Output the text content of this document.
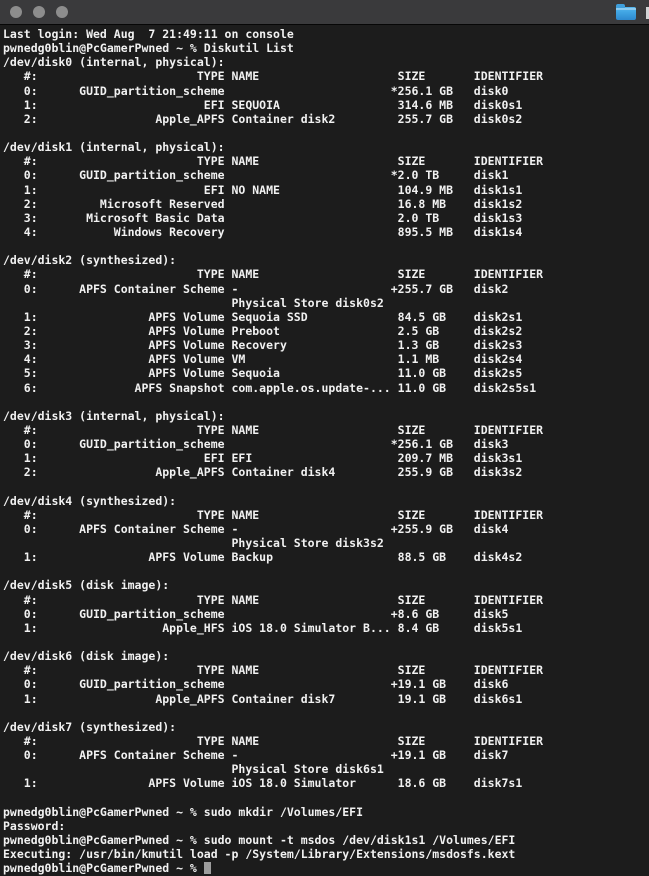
Last login: Wed Aug  7 21:49:11 on console
pwnedg0blin@PcGamerPwned ~ % Diskutil List
/dev/disk0 (internal, physical):
#:                       TYPE NAME                    SIZE       IDENTIFIER
0:      GUID_partition_scheme                        *256.1 GB   disk0
1:                        EFI SEQUOIA                 314.6 MB   disk0s1
2:                 Apple_APFS Container disk2         255.7 GB   disk0s2
/dev/disk1 (internal, physical):
#:                       TYPE NAME                    SIZE       IDENTIFIER
0:      GUID_partition_scheme                        *2.0 TB     disk1
1:                        EFI NO NAME                 104.9 MB   disk1s1
2:         Microsoft Reserved                         16.8 MB    disk1s2
3:       Microsoft Basic Data                         2.0 TB     disk1s3
4:           Windows Recovery                         895.5 MB   disk1s4
/dev/disk2 (synthesized):
#:                       TYPE NAME                    SIZE       IDENTIFIER
0:      APFS Container Scheme -                      +255.7 GB   disk2
Physical Store disk0s2
1:                APFS Volume Sequoia SSD             84.5 GB    disk2s1
2:                APFS Volume Preboot                 2.5 GB     disk2s2
3:                APFS Volume Recovery                1.3 GB     disk2s3
4:                APFS Volume VM                      1.1 MB     disk2s4
5:                APFS Volume Sequoia                 11.0 GB    disk2s5
6:              APFS Snapshot com.apple.os.update-... 11.0 GB    disk2s5s1
/dev/disk3 (internal, physical):
#:                       TYPE NAME                    SIZE       IDENTIFIER
0:      GUID_partition_scheme                        *256.1 GB   disk3
1:                        EFI EFI                     209.7 MB   disk3s1
2:                 Apple_APFS Container disk4         255.9 GB   disk3s2
/dev/disk4 (synthesized):
#:                       TYPE NAME                    SIZE       IDENTIFIER
0:      APFS Container Scheme -                      +255.9 GB   disk4
Physical Store disk3s2
1:                APFS Volume Backup                  88.5 GB    disk4s2
/dev/disk5 (disk image):
#:                       TYPE NAME                    SIZE       IDENTIFIER
0:      GUID_partition_scheme                        +8.6 GB     disk5
1:                  Apple_HFS iOS 18.0 Simulator B... 8.4 GB     disk5s1
/dev/disk6 (disk image):
#:                       TYPE NAME                    SIZE       IDENTIFIER
0:      GUID_partition_scheme                        +19.1 GB    disk6
1:                 Apple_APFS Container disk7         19.1 GB    disk6s1
/dev/disk7 (synthesized):
#:                       TYPE NAME                    SIZE       IDENTIFIER
0:      APFS Container Scheme -                      +19.1 GB    disk7
Physical Store disk6s1
1:                APFS Volume iOS 18.0 Simulator      18.6 GB    disk7s1
pwnedg0blin@PcGamerPwned ~ % sudo mkdir /Volumes/EFI
Password:
pwnedg0blin@PcGamerPwned ~ % sudo mount -t msdos /dev/disk1s1 /Volumes/EFI
Executing: /usr/bin/kmutil load -p /System/Library/Extensions/msdosfs.kext
pwnedg0blin@PcGamerPwned ~ %
